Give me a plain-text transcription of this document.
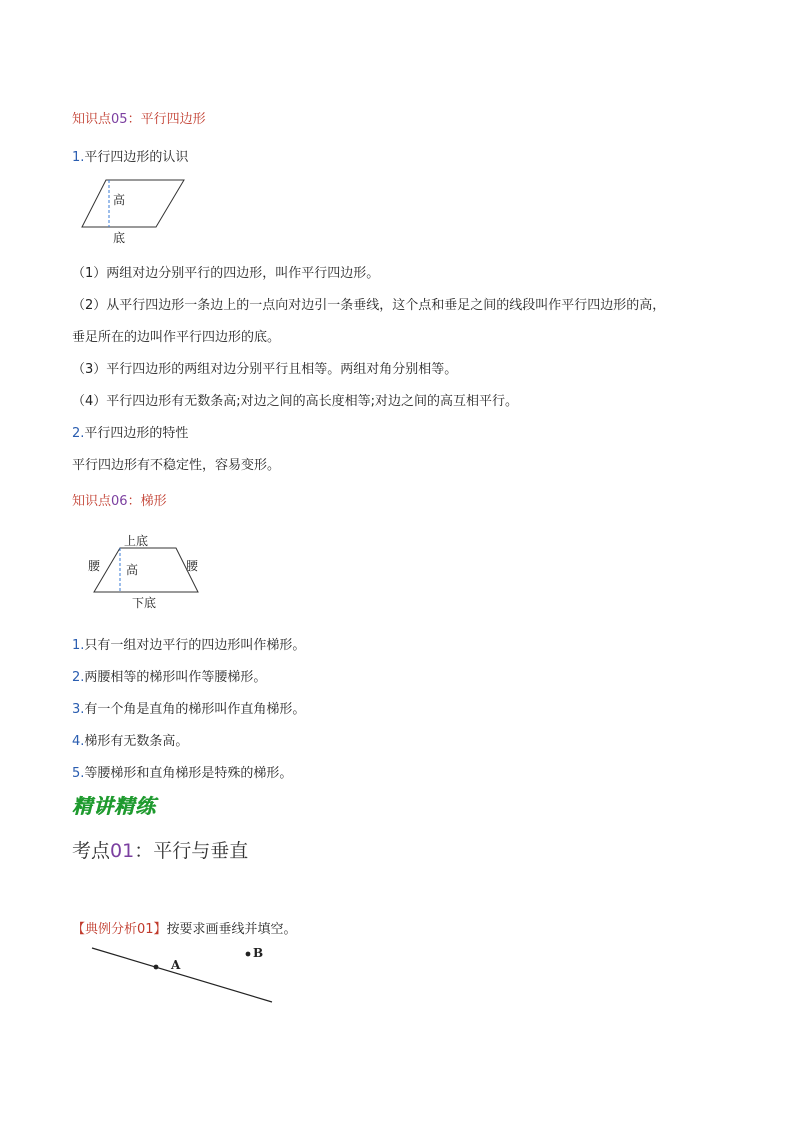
知识点05：平行四边形
1.平行四边形的认识
高
底
（1）两组对边分别平行的四边形，叫作平行四边形。
（2）从平行四边形一条边上的一点向对边引一条垂线，这个点和垂足之间的线段叫作平行四边形的高，
垂足所在的边叫作平行四边形的底。
（3）平行四边形的两组对边分别平行且相等。两组对角分别相等。
（4）平行四边形有无数条高;对边之间的高长度相等;对边之间的高互相平行。
2.平行四边形的特性
平行四边形有不稳定性，容易变形。
知识点06：梯形
上底
腰	腰
高
下底
1.只有一组对边平行的四边形叫作梯形。
2.两腰相等的梯形叫作等腰梯形。
3.有一个角是直角的梯形叫作直角梯形。
4.梯形有无数条高。
5.等腰梯形和直角梯形是特殊的梯形。
精讲精练
考点01：平行与垂直
【典例分析01】按要求画垂线并填空。
A
B
